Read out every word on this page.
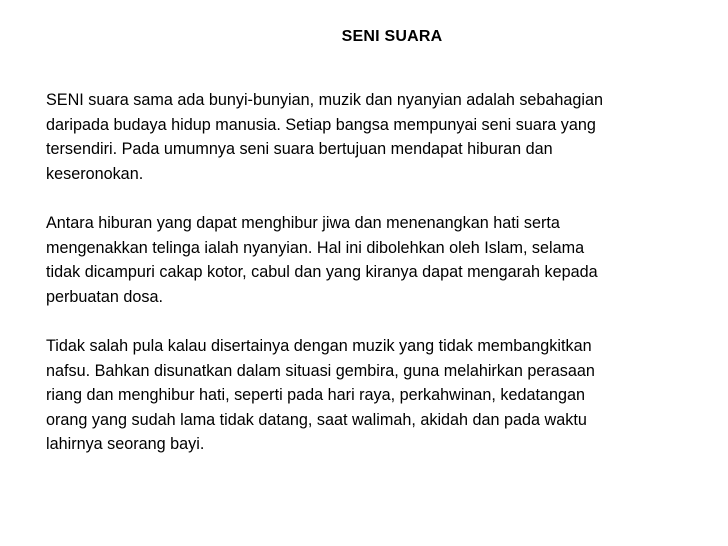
SENI SUARA
SENI suara sama ada bunyi-bunyian, muzik dan nyanyian adalah sebahagian
daripada budaya hidup manusia. Setiap bangsa mempunyai seni suara yang
tersendiri. Pada umumnya seni suara bertujuan mendapat hiburan dan
keseronokan.
Antara hiburan yang dapat menghibur jiwa dan menenangkan hati serta
mengenakkan telinga ialah nyanyian. Hal ini dibolehkan oleh Islam, selama
tidak dicampuri cakap kotor, cabul dan yang kiranya dapat mengarah kepada
perbuatan dosa.
Tidak salah pula kalau disertainya dengan muzik yang tidak membangkitkan
nafsu. Bahkan disunatkan dalam situasi gembira, guna melahirkan perasaan
riang dan menghibur hati, seperti pada hari raya, perkahwinan, kedatangan
orang yang sudah lama tidak datang, saat walimah, akidah dan pada waktu
lahirnya seorang bayi.
